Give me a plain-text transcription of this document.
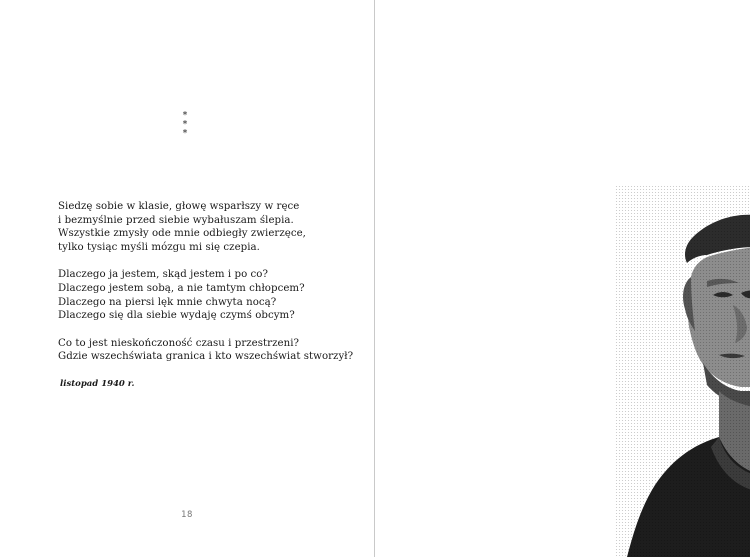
*
*
*
Siedzę sobie w klasie, głowę wsparłszy w ręce
i bezmyślnie przed siebie wybałuszam ślepia.
Wszystkie zmysły ode mnie odbiegły zwierzęce,
tylko tysiąc myśli mózgu mi się czepia.
Dlaczego ja jestem, skąd jestem i po co?
Dlaczego jestem sobą, a nie tamtym chłopcem?
Dlaczego na piersi lęk mnie chwyta nocą?
Dlaczego się dla siebie wydaję czymś obcym?
Co to jest nieskończoność czasu i przestrzeni?
Gdzie wszechświata granica i kto wszechświat stworzył?
listopad 1940 r.
18
